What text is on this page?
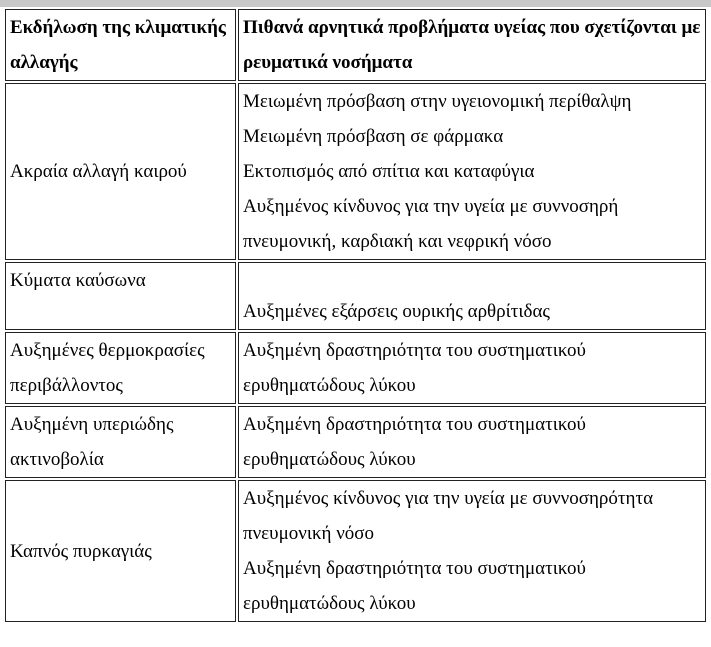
Εκδήλωση της κλιματικής αλλαγής	Πιθανά αρνητικά προβλήματα υγείας που σχετίζονται με ρευματικά νοσήματα
Ακραία αλλαγή καιρού	Μειωμένη πρόσβαση στην υγειονομική περίθαλψη
Μειωμένη πρόσβαση σε φάρμακα
Εκτοπισμός από σπίτια και καταφύγια
Αυξημένος κίνδυνος για την υγεία με συννοσηρή πνευμονική, καρδιακή και νεφρική νόσο

Κύματα καύσωνα	Αυξημένες εξάρσεις ουρικής αρθρίτιδας

Αυξημένες θερμοκρασίες περιβάλλοντος	Αυξημένη δραστηριότητα του συστηματικού ερυθηματώδους λύκου

Αυξημένη υπεριώδης ακτινοβολία	Αυξημένη δραστηριότητα του συστηματικού ερυθηματώδους λύκου

Καπνός πυρκαγιάς	Αυξημένος κίνδυνος για την υγεία με συννοσηρότητα πνευμονική νόσο
Αυξημένη δραστηριότητα του συστηματικού ερυθηματώδους λύκου
